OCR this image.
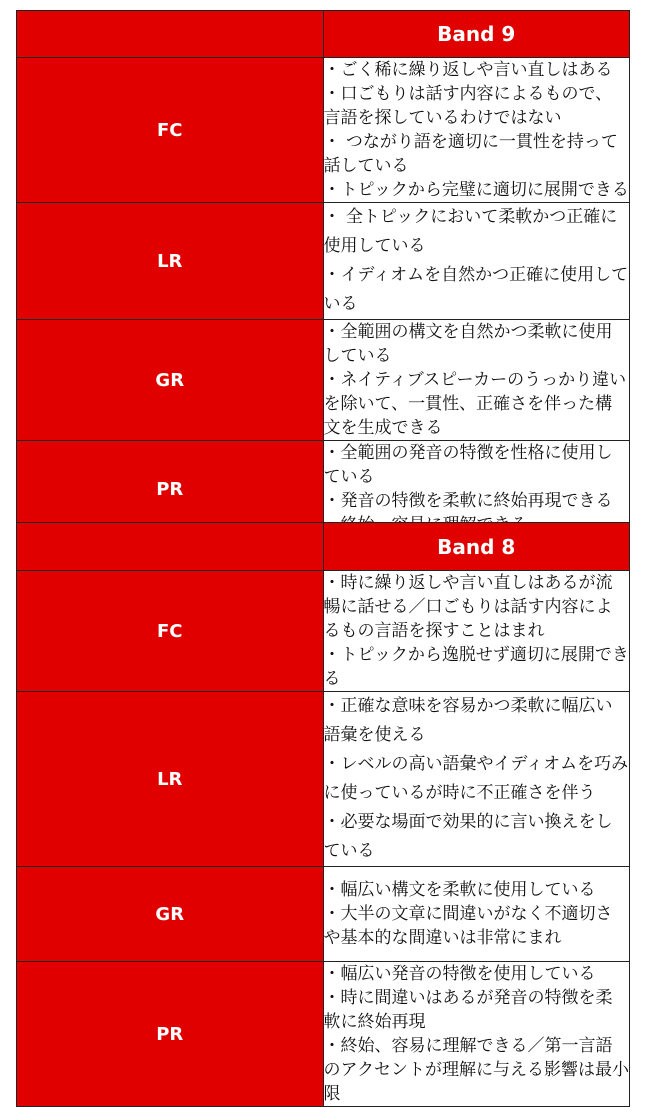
	Band 9
FC	・ごく稀に繰り返しや言い直しはある
・口ごもりは話す内容によるもので、言語を探しているわけではない
・ つながり語を適切に一貫性を持って話している
・トピックから完璧に適切に展開できる

LR	・ 全トピックにおいて柔軟かつ正確に使用している
・イディオムを自然かつ正確に使用している

GR	・全範囲の構文を自然かつ柔軟に使用している
・ネイティブスピーカーのうっかり違いを除いて、一貫性、正確さを伴った構文を生成できる

PR	・全範囲の発音の特徴を性格に使用している
・発音の特徴を柔軟に終始再現できる
	Band 8
FC	・時に繰り返しや言い直しはあるが流暢に話せる／口ごもりは話す内容によるもの言語を探すことはまれ
・トピックから逸脱せず適切に展開できる

LR	・正確な意味を容易かつ柔軟に幅広い語彙を使える
・レベルの高い語彙やイディオムを巧みに使っているが時に不正確さを伴う
・必要な場面で効果的に言い換えをしている

GR	・幅広い構文を柔軟に使用している
・大半の文章に間違いがなく不適切さや基本的な間違いは非常にまれ

PR	・幅広い発音の特徴を使用している
・時に間違いはあるが発音の特徴を柔軟に終始再現
・終始、容易に理解できる／第一言語のアクセントが理解に与える影響は最小限
